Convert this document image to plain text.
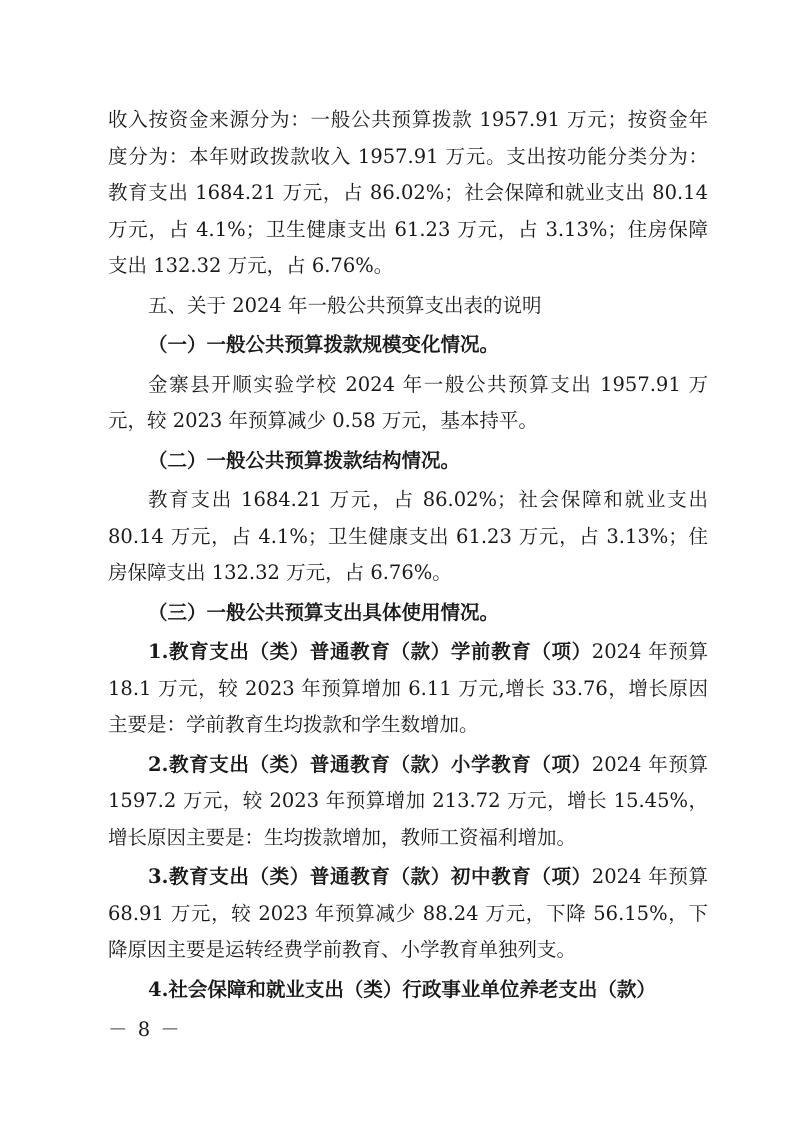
收入按资金来源分为：一般公共预算拨款 1957.91 万元；按资金年度分为：本年财政拨款收入 1957.91 万元。支出按功能分类分为：教育支出 1684.21 万元，占 86.02%；社会保障和就业支出 80.14 万元，占 4.1%；卫生健康支出 61.23 万元，占 3.13%；住房保障支出 132.32 万元，占 6.76%。

五、关于 2024 年一般公共预算支出表的说明

（一）一般公共预算拨款规模变化情况。

金寨县开顺实验学校 2024 年一般公共预算支出 1957.91 万元，较 2023 年预算减少 0.58 万元，基本持平。

（二）一般公共预算拨款结构情况。

教育支出 1684.21 万元，占 86.02%；社会保障和就业支出 80.14 万元，占 4.1%；卫生健康支出 61.23 万元，占 3.13%；住房保障支出 132.32 万元，占 6.76%。

（三）一般公共预算支出具体使用情况。

1.教育支出（类）普通教育（款）学前教育（项）2024 年预算 18.1 万元，较 2023 年预算增加 6.11 万元,增长 33.76，增长原因主要是：学前教育生均拨款和学生数增加。

2.教育支出（类）普通教育（款）小学教育（项）2024 年预算 1597.2 万元，较 2023 年预算增加 213.72 万元，增长 15.45%，增长原因主要是：生均拨款增加，教师工资福利增加。

3.教育支出（类）普通教育（款）初中教育（项）2024 年预算 68.91 万元，较 2023 年预算减少 88.24 万元，下降 56.15%，下降原因主要是运转经费学前教育、小学教育单独列支。

4.社会保障和就业支出（类）行政事业单位养老支出（款）

－ 8 －
